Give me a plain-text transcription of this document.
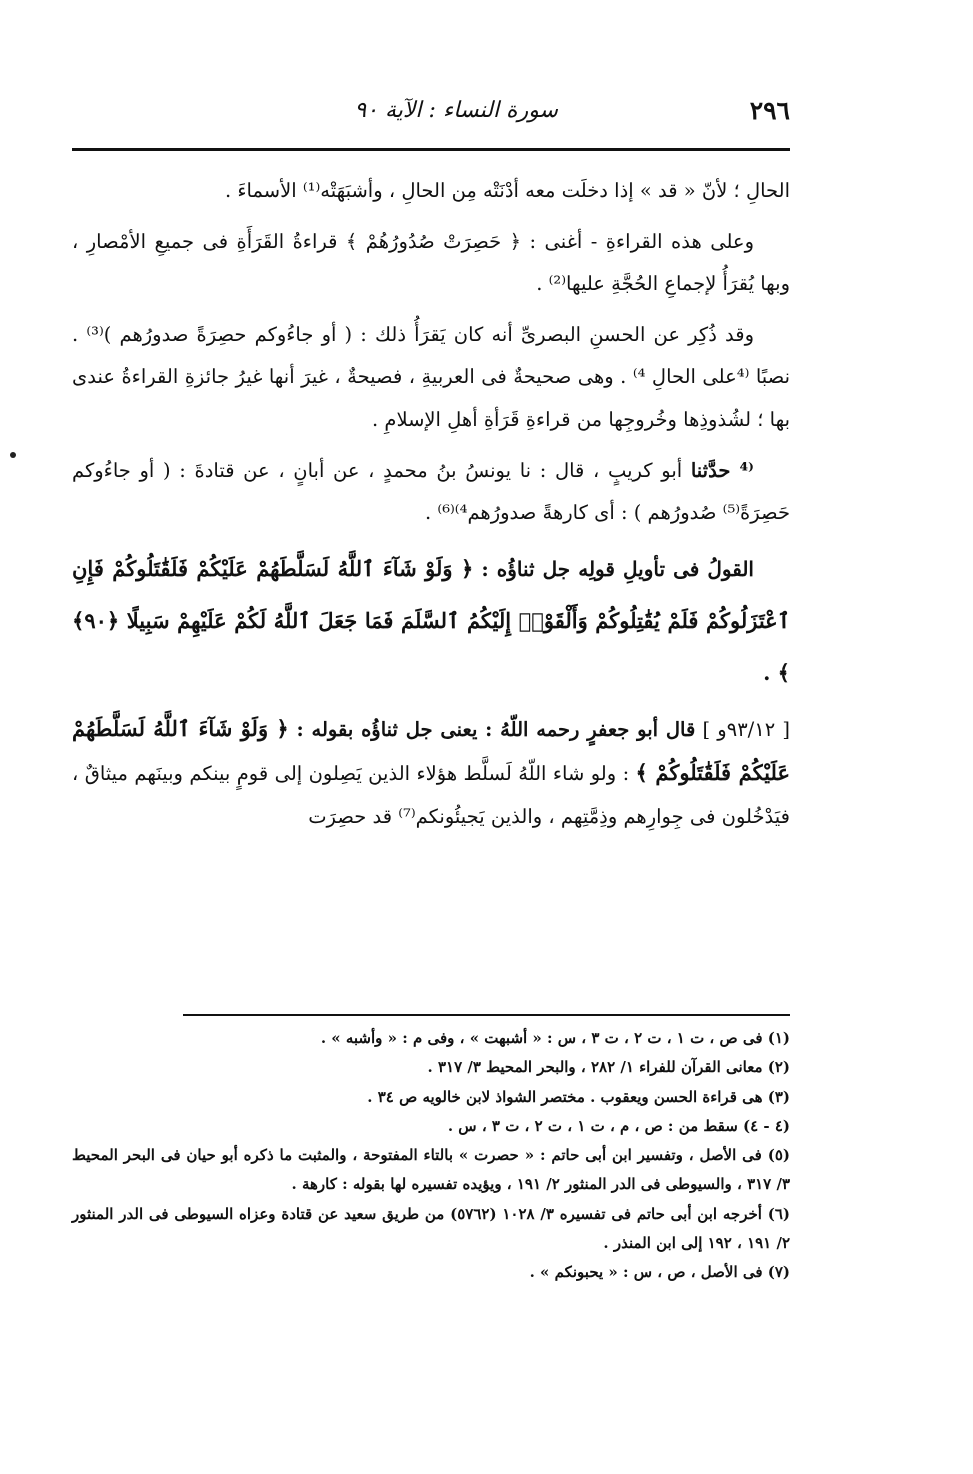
٢٩٦
سورة النساء : الآية ٩٠

الحالِ ؛ لأنّ « قد » إذا دخلَت معه أدْنَتْه مِن الحالِ ، وأشبَهَتْه⁽¹⁾ الأسماءَ .

وعلى هذه القراءةِ - أغنى : ﴿ حَصِرَتْ صُدُورُهُمْ ﴾ قراءةُ القَرَأَةِ فى جميعِ الأمْصارِ ، وبها يُقرَأُ لإجماعِ الحُجَّةِ عليها⁽²⁾ .

وقد ذُكِر عن الحسنِ البصرىِّ أنه كان يَقرَأُ ذلك : ( أو جاءُوكم حصِرَةً صدورُهم )⁽³⁾ . نصبًا ⁽⁴على الحالِ ⁴⁾ . وهى صحيحةٌ فى العربيةِ ، فصيحةٌ ، غيرَ أنها غيرُ جائزةِ القراءةُ عندى بها ؛ لشُذوذِها وخُروجِها من قراءةِ قَرَأةِ أهلِ الإسلامِ .

⁽⁴ حدَّثنا أبو كريبٍ ، قال : نا يونسُ بنُ محمدٍ ، عن أبانٍ ، عن قتادةَ : ( أو جاءُوكم حَصِرَةً⁽⁵⁾ صُدورُهم ) : أى كارهةً صدورُهم⁴⁾⁽⁶⁾ .

القولُ فى تأويلِ قولِه جل ثناؤُه : ﴿ وَلَوْ شَآءَ ٱللَّهُ لَسَلَّطَهُمْ عَلَيْكُمْ فَلَقَٰتَلُوكُمْ فَإِنِ ٱعْتَزَلُوكُمْ فَلَمْ يُقَٰتِلُوكُمْ وَأَلْقَوْا۟ إِلَيْكُمُ ٱلسَّلَمَ فَمَا جَعَلَ ٱللَّهُ لَكُمْ عَلَيْهِمْ سَبِيلًا ﴿٩٠﴾ ﴾ .

[ ٩٣/١٢و ] قال أبو جعفرٍ رحمه اللّهُ : يعنى جل ثناؤُه بقوله : ﴿ وَلَوْ شَآءَ ٱللَّهُ لَسَلَّطَهُمْ عَلَيْكُمْ فَلَقَٰتَلُوكُمْ ﴾ : ولو شاء اللّهُ لَسلَّط هؤلاء الذين يَصِلون إلى قومٍ بينكم وبينَهم ميثاقٌ ، فيَدْخُلون فى جِوارِهم وذِمَّتِهم ، والذين يَجيئُونكم⁽⁷⁾ قد حصِرَت

(١) فى ص ، ت ١ ، ت ٢ ، ت ٣ ، س : « أشبهت » ، وفى م : « وأشبه » .

(٢) معانى القرآن للفراء ١/ ٢٨٢ ، والبحر المحيط ٣/ ٣١٧ .

(٣) هى قراءة الحسن ويعقوب . مختصر الشواذ لابن خالويه ص ٣٤ .

(٤ - ٤) سقط من : ص ، م ، ت ١ ، ت ٢ ، ت ٣ ، س .

(٥) فى الأصل ، وتفسير ابن أبى حاتم : « حصرت » بالتاء المفتوحة ، والمثبت ما ذكره أبو حيان فى البحر المحيط ٣/ ٣١٧ ، والسيوطى فى الدر المنثور ٢/ ١٩١ ، ويؤيده تفسيره لها بقوله : كارهة .

(٦) أخرجه ابن أبى حاتم فى تفسيره ٣/ ١٠٢٨ (٥٧٦٢) من طريق سعيد عن قتادة وعزاه السيوطى فى الدر المنثور ٢/ ١٩١ ، ١٩٢ إلى ابن المنذر .

(٧) فى الأصل ، ص ، س : « يحبونكم » .
